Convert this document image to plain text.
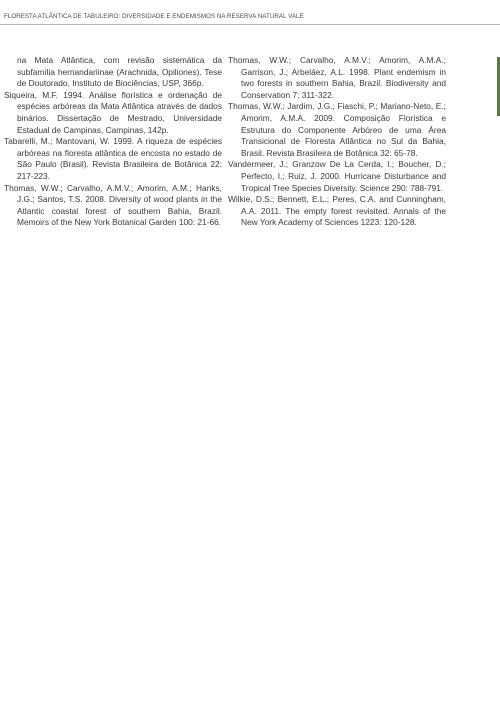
FLORESTA ATLÂNTICA DE TABULEIRO: DIVERSIDADE E ENDEMISMOS NA RESERVA NATURAL VALE

na Mata Atlântica, com revisão sistemática da subfamília hernandariinae (Arachnida, Opiliones). Tese de Doutorado, Instituto de Biociências, USP, 366p.

Siqueira, M.F. 1994. Análise florística e ordenação de espécies arbóreas da Mata Atlântica através de dados binários. Dissertação de Mestrado, Universidade Estadual de Campinas, Campinas, 142p.

Tabarelli, M.; Mantovani, W. 1999. A riqueza de espécies arbóreas na floresta atlântica de encosta no estado de São Paulo (Brasil). Revista Brasileira de Botânica 22: 217-223.

Thomas, W.W.; Carvalho, A.M.V.; Amorim, A.M.; Hanks, J.G.; Santos, T.S. 2008. Diversity of wood plants in the Atlantic coastal forest of southern Bahia, Brazil. Memoirs of the New York Botanical Garden 100: 21-66.

Thomas, W.W.; Carvalho, A.M.V.; Amorim, A.M.A.; Garrison, J.; Arbeláez, A.L. 1998. Plant endemism in two forests in southern Bahia, Brazil. Biodiversity and Conservation 7: 311-322.

Thomas, W.W.; Jardim, J.G.; Fiaschi, P.; Mariano-Neto, E.; Amorim, A.M.A. 2009. Composição Florística e Estrutura do Componente Arbóreo de uma Área Transicional de Floresta Atlântica no Sul da Bahia, Brasil. Revista Brasileira de Botânica 32: 65-78.

Vandermeer, J.; Granzow De La Cerda, I.; Boucher, D.; Perfecto, I.; Ruiz, J. 2000. Hurricane Disturbance and Tropical Tree Species Diversity. Science 290: 788-791.

Wilkie, D.S.; Bennett, E.L.; Peres, C.A. and Cunningham, A.A. 2011. The empty forest revisited. Annals of the New York Academy of Sciences 1223: 120-128.
